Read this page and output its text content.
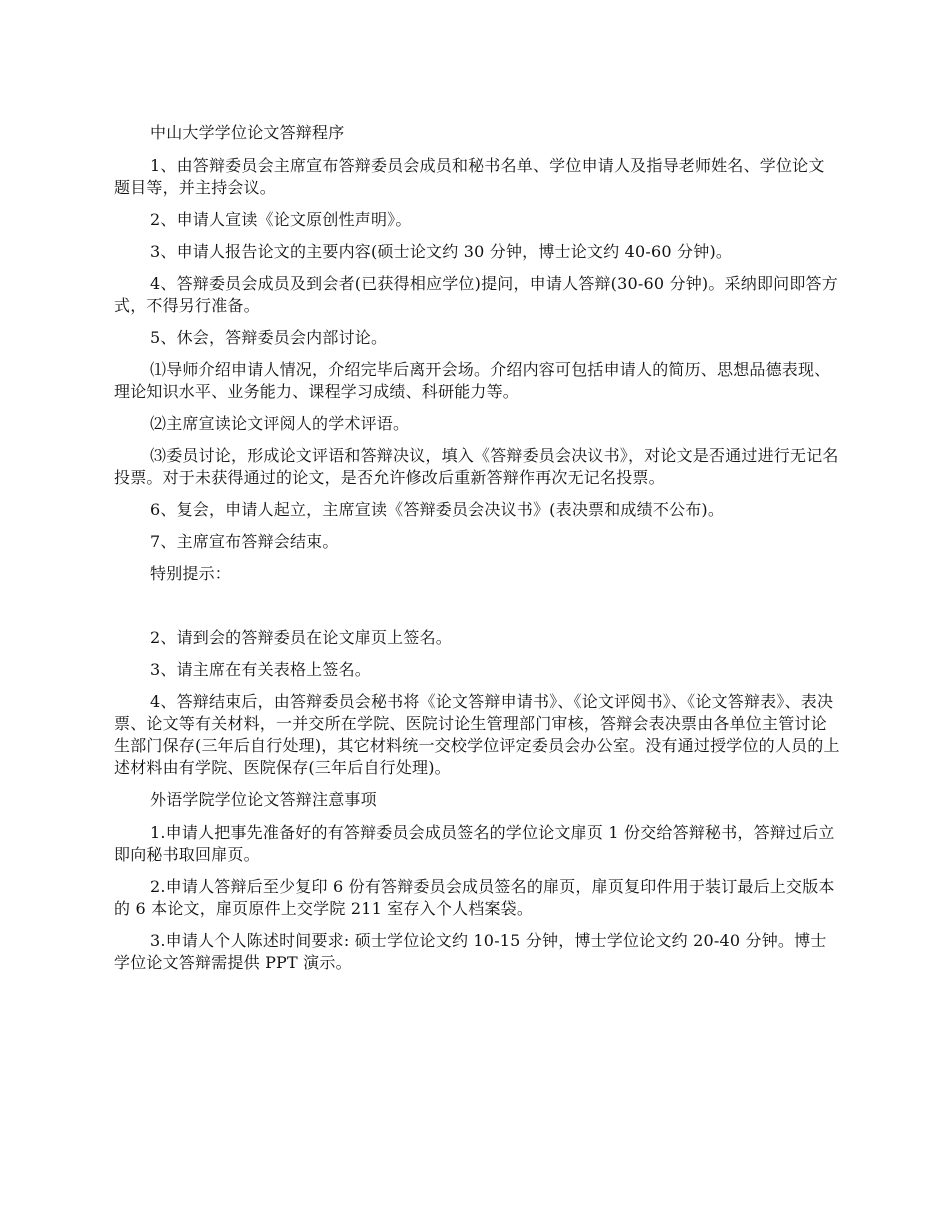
中山大学学位论文答辩程序

1、由答辩委员会主席宣布答辩委员会成员和秘书名单、学位申请人及指导老师姓名、学位论文题目等，并主持会议。

2、申请人宣读《论文原创性声明》。

3、申请人报告论文的主要内容(硕士论文约 30 分钟，博士论文约 40-60 分钟)。

4、答辩委员会成员及到会者(已获得相应学位)提问，申请人答辩(30-60 分钟)。采纳即问即答方式，不得另行准备。

5、休会，答辩委员会内部讨论。

⑴导师介绍申请人情况，介绍完毕后离开会场。介绍内容可包括申请人的简历、思想品德表现、理论知识水平、业务能力、课程学习成绩、科研能力等。

⑵主席宣读论文评阅人的学术评语。

⑶委员讨论，形成论文评语和答辩决议，填入《答辩委员会决议书》，对论文是否通过进行无记名投票。对于未获得通过的论文，是否允许修改后重新答辩作再次无记名投票。

6、复会，申请人起立，主席宣读《答辩委员会决议书》(表决票和成绩不公布)。

7、主席宣布答辩会结束。

特别提示：

2、请到会的答辩委员在论文扉页上签名。

3、请主席在有关表格上签名。

4、答辩结束后，由答辩委员会秘书将《论文答辩申请书》、《论文评阅书》、《论文答辩表》、表决票、论文等有关材料，一并交所在学院、医院讨论生管理部门审核，答辩会表决票由各单位主管讨论生部门保存(三年后自行处理)，其它材料统一交校学位评定委员会办公室。没有通过授学位的人员的上述材料由有学院、医院保存(三年后自行处理)。

外语学院学位论文答辩注意事项

1.申请人把事先准备好的有答辩委员会成员签名的学位论文扉页 1 份交给答辩秘书，答辩过后立即向秘书取回扉页。

2.申请人答辩后至少复印 6 份有答辩委员会成员签名的扉页，扉页复印件用于装订最后上交版本的 6 本论文，扉页原件上交学院 211 室存入个人档案袋。

3.申请人个人陈述时间要求: 硕士学位论文约 10-15 分钟，博士学位论文约 20-40 分钟。博士学位论文答辩需提供 PPT 演示。
